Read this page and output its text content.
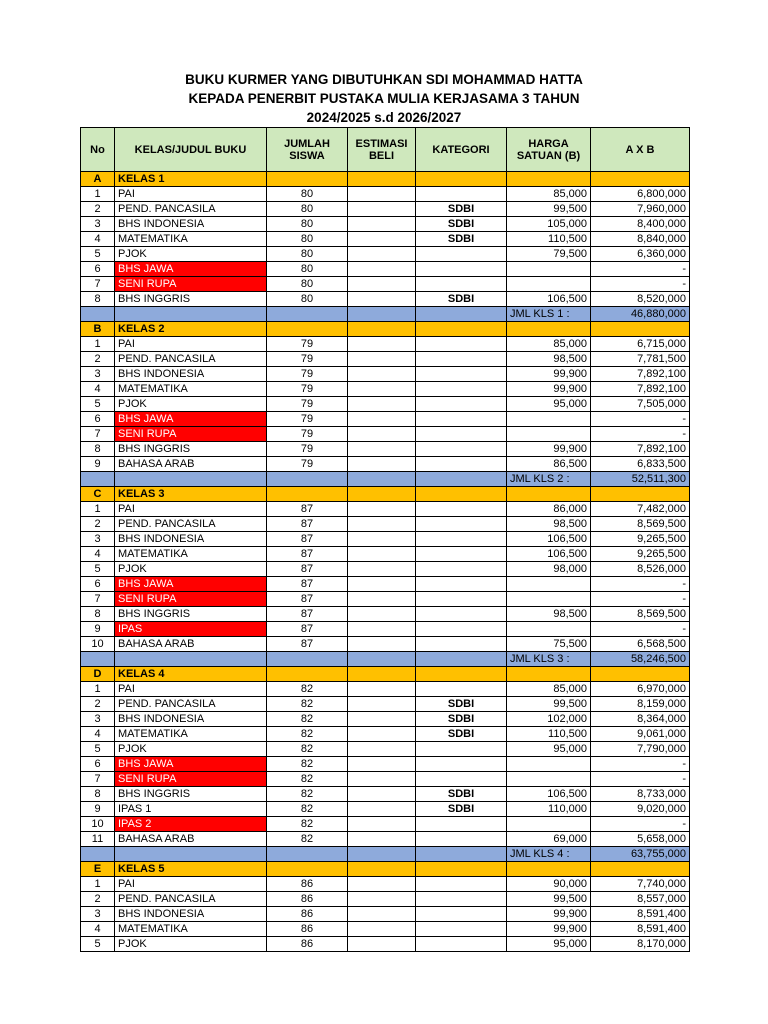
BUKU KURMER YANG DIBUTUHKAN SDI MOHAMMAD HATTA
KEPADA PENERBIT PUSTAKA MULIA KERJASAMA 3 TAHUN
2024/2025 s.d 2026/2027
No	KELAS/JUDUL BUKU	JUMLAH SISWA	ESTIMASI BELI	KATEGORI	HARGA SATUAN (B)	A X B
A	KELAS 1					
1	PAI	80			85,000	6,800,000
2	PEND. PANCASILA	80		SDBI	99,500	7,960,000
3	BHS INDONESIA	80		SDBI	105,000	8,400,000
4	MATEMATIKA	80		SDBI	110,500	8,840,000
5	PJOK	80			79,500	6,360,000
6	BHS JAWA	80				-
7	SENI RUPA	80				-
8	BHS INGGRIS	80		SDBI	106,500	8,520,000
					JML KLS 1 :	46,880,000
B	KELAS 2					
1	PAI	79			85,000	6,715,000
2	PEND. PANCASILA	79			98,500	7,781,500
3	BHS INDONESIA	79			99,900	7,892,100
4	MATEMATIKA	79			99,900	7,892,100
5	PJOK	79			95,000	7,505,000
6	BHS JAWA	79				-
7	SENI RUPA	79				-
8	BHS INGGRIS	79			99,900	7,892,100
9	BAHASA ARAB	79			86,500	6,833,500
					JML KLS 2 :	52,511,300
C	KELAS 3					
1	PAI	87			86,000	7,482,000
2	PEND. PANCASILA	87			98,500	8,569,500
3	BHS INDONESIA	87			106,500	9,265,500
4	MATEMATIKA	87			106,500	9,265,500
5	PJOK	87			98,000	8,526,000
6	BHS JAWA	87				-
7	SENI RUPA	87				-
8	BHS INGGRIS	87			98,500	8,569,500
9	IPAS	87				-
10	BAHASA ARAB	87			75,500	6,568,500
					JML KLS 3 :	58,246,500
D	KELAS 4					
1	PAI	82			85,000	6,970,000
2	PEND. PANCASILA	82		SDBI	99,500	8,159,000
3	BHS INDONESIA	82		SDBI	102,000	8,364,000
4	MATEMATIKA	82		SDBI	110,500	9,061,000
5	PJOK	82			95,000	7,790,000
6	BHS JAWA	82				-
7	SENI RUPA	82				-
8	BHS INGGRIS	82		SDBI	106,500	8,733,000
9	IPAS 1	82		SDBI	110,000	9,020,000
10	IPAS 2	82				-
11	BAHASA ARAB	82			69,000	5,658,000
					JML KLS 4 :	63,755,000
E	KELAS 5					
1	PAI	86			90,000	7,740,000
2	PEND. PANCASILA	86			99,500	8,557,000
3	BHS INDONESIA	86			99,900	8,591,400
4	MATEMATIKA	86			99,900	8,591,400
5	PJOK	86			95,000	8,170,000
